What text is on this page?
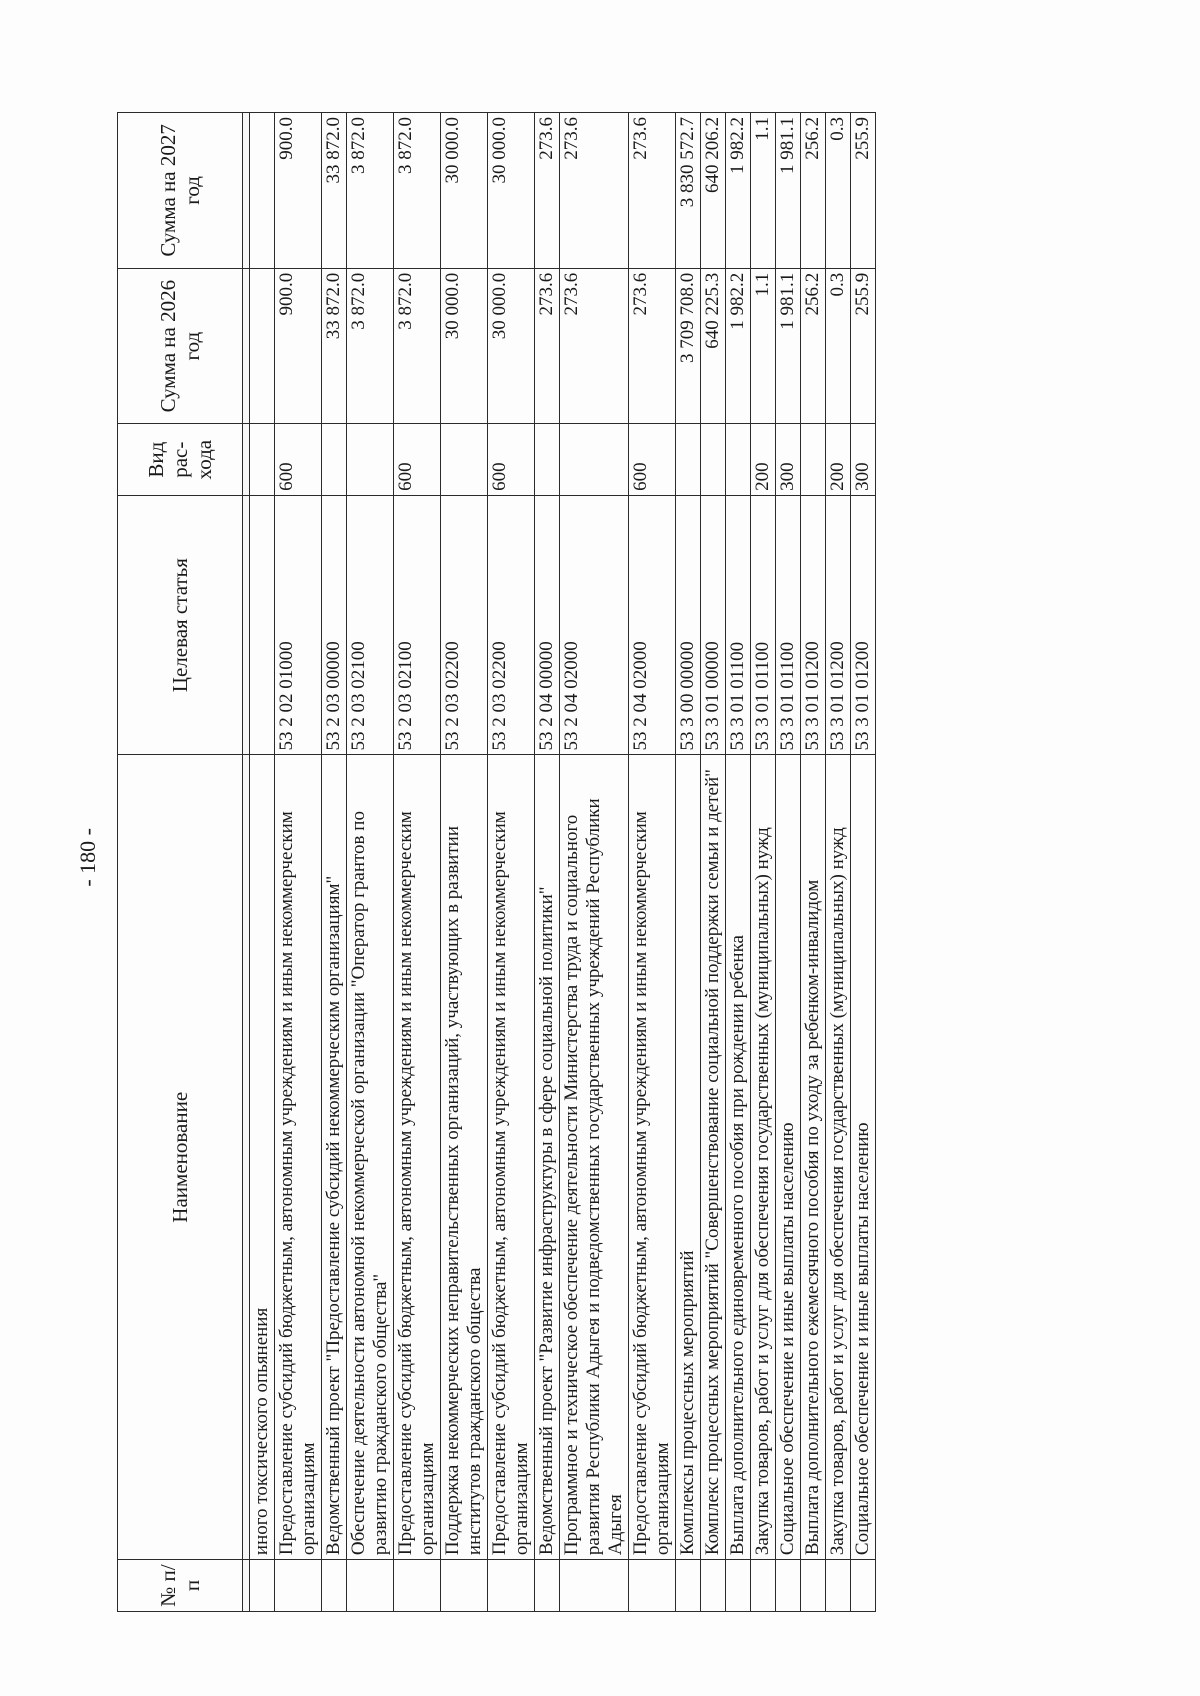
- 180 -
№ п/п	Наименование	Целевая статья	Вид рас-хода	Сумма на 2026 год	Сумма на 2027 год

	иного токсического опьянения				
	Предоставление субсидий бюджетным, автономным учреждениям и иным некоммерческим организациям	53 2 02 01000	600	900.0	900.0
	Ведомственный проект "Предоставление субсидий некоммерческим организациям"	53 2 03 00000		33 872.0	33 872.0
	Обеспечение деятельности автономной некоммерческой организации "Оператор грантов по развитию гражданского общества"	53 2 03 02100		3 872.0	3 872.0
	Предоставление субсидий бюджетным, автономным учреждениям и иным некоммерческим организациям	53 2 03 02100	600	3 872.0	3 872.0
	Поддержка некоммерческих неправительственных организаций, участвующих в развитии институтов гражданского общества	53 2 03 02200		30 000.0	30 000.0
	Предоставление субсидий бюджетным, автономным учреждениям и иным некоммерческим организациям	53 2 03 02200	600	30 000.0	30 000.0
	Ведомственный проект "Развитие инфраструктуры в сфере социальной политики"	53 2 04 00000		273.6	273.6
	Программное и техническое обеспечение деятельности Министерства труда и социального развития Республики Адыгея и подведомственных государственных учреждений Республики Адыгея	53 2 04 02000		273.6	273.6
	Предоставление субсидий бюджетным, автономным учреждениям и иным некоммерческим организациям	53 2 04 02000	600	273.6	273.6
	Комплексы процессных мероприятий	53 3 00 00000		3 709 708.0	3 830 572.7
	Комплекс процессных мероприятий "Совершенствование социальной поддержки семьи и детей"	53 3 01 00000		640 225.3	640 206.2
	Выплата дополнительного единовременного пособия при рождении ребенка	53 3 01 01100		1 982.2	1 982.2
	Закупка товаров, работ и услуг для обеспечения государственных (муниципальных) нужд	53 3 01 01100	200	1.1	1.1
	Социальное обеспечение и иные выплаты населению	53 3 01 01100	300	1 981.1	1 981.1
	Выплата дополнительного ежемесячного пособия по уходу за ребенком-инвалидом	53 3 01 01200		256.2	256.2
	Закупка товаров, работ и услуг для обеспечения государственных (муниципальных) нужд	53 3 01 01200	200	0.3	0.3
	Социальное обеспечение и иные выплаты населению	53 3 01 01200	300	255.9	255.9
